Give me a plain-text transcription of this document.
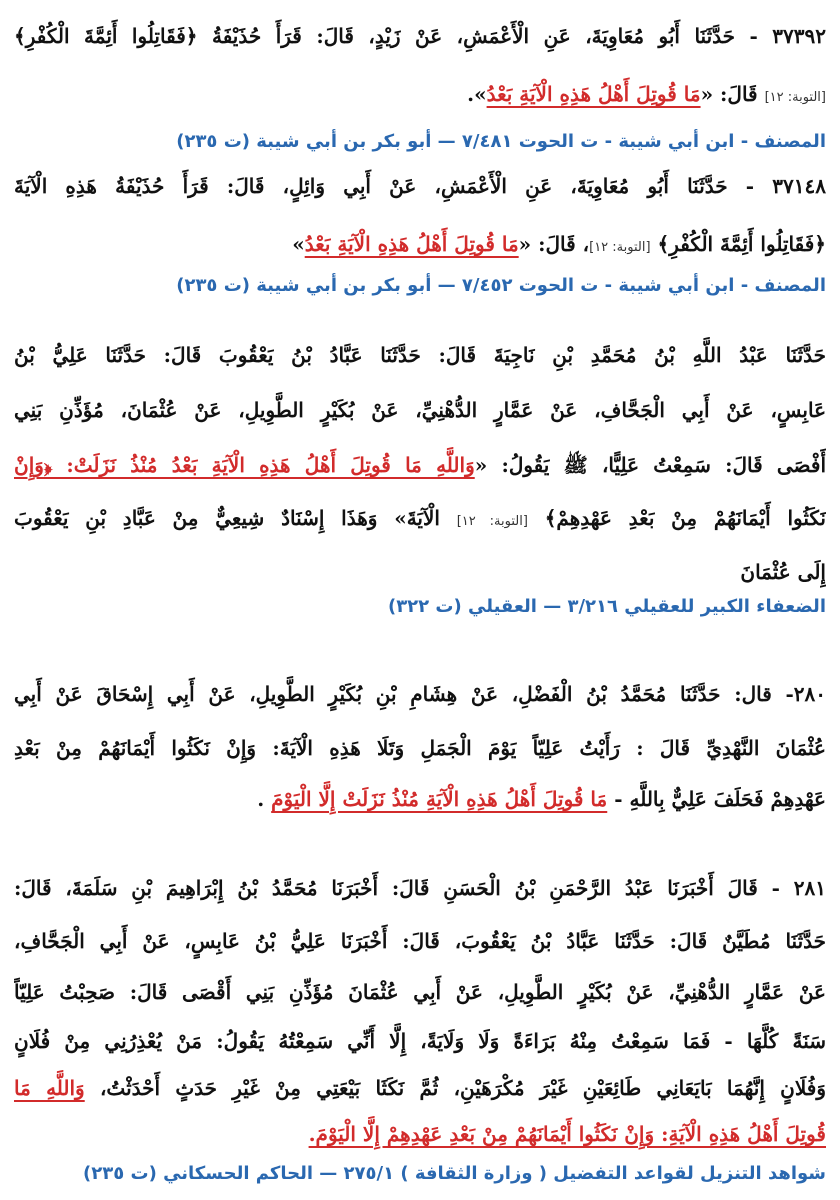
٣٧٣٩٢ - حَدَّثَنَا أَبُو مُعَاوِيَةَ، عَنِ الْأَعْمَشِ، عَنْ زَيْدٍ، قَالَ: قَرَأَ حُذَيْفَةُ ﴿فَقَاتِلُوا أَئِمَّةَ الْكُفْرِ﴾
[التوبة: ١٢] قَالَ: «مَا قُوتِلَ أَهْلُ هَذِهِ الْآيَةِ بَعْدُ».
المصنف - ابن أبي شيبة - ت الحوت ٧/٤٨١ — أبو بكر بن أبي شيبة (ت ٢٣٥)
٣٧١٤٨ - حَدَّثَنَا أَبُو مُعَاوِيَةَ، عَنِ الْأَعْمَشِ، عَنْ أَبِي وَائِلٍ، قَالَ: قَرَأَ حُذَيْفَةُ هَذِهِ الْآيَةَ
﴿فَقَاتِلُوا أَئِمَّةَ الْكُفْرِ﴾ [التوبة: ١٢]، قَالَ: «مَا قُوتِلَ أَهْلُ هَذِهِ الْآيَةِ بَعْدُ»
المصنف - ابن أبي شيبة - ت الحوت ٧/٤٥٢ — أبو بكر بن أبي شيبة (ت ٢٣٥)
حَدَّثَنَا عَبْدُ اللَّهِ بْنُ مُحَمَّدِ بْنِ نَاجِيَةَ قَالَ: حَدَّثَنَا عَبَّادُ بْنُ يَعْقُوبَ قَالَ: حَدَّثَنَا عَلِيُّ بْنُ
عَابِسٍ، عَنْ أَبِي الْجَحَّافِ، عَنْ عَمَّارٍ الدُّهْنِيِّ، عَنْ بُكَيْرٍ الطَّوِيلِ، عَنْ عُثْمَانَ، مُؤَذِّنِ بَنِي
أَفْصَى قَالَ: سَمِعْتُ عَلِيًّا، ﷺ يَقُولُ: «وَاللَّهِ مَا قُوتِلَ أَهْلُ هَذِهِ الْآيَةِ بَعْدُ مُنْذُ نَزَلَتْ: ﴿وَإِنْ
نَكَثُوا أَيْمَانَهُمْ مِنْ بَعْدِ عَهْدِهِمْ﴾ [التوبة: ١٢] الْآيَةَ» وَهَذَا إِسْنَادٌ شِيعِيٌّ مِنْ عَبَّادِ بْنِ يَعْقُوبَ
إِلَى عُثْمَانَ
الضعفاء الكبير للعقيلي ٣/٢١٦ — العقيلي (ت ٣٢٢)
٢٨٠- قال: حَدَّثَنَا مُحَمَّدُ بْنُ الْفَضْلِ، عَنْ هِشَامِ بْنِ بُكَيْرٍ الطَّوِيلِ، عَنْ أَبِي إِسْحَاقَ عَنْ أَبِي
عُثْمَانَ النَّهْدِيِّ قَالَ : رَأَيْتُ عَلِيّاً يَوْمَ الْجَمَلِ وَتَلَا هَذِهِ الْآيَةَ: وَإِنْ نَكَثُوا أَيْمَانَهُمْ مِنْ بَعْدِ
عَهْدِهِمْ فَحَلَفَ عَلِيٌّ بِاللَّهِ - مَا قُوتِلَ أَهْلُ هَذِهِ الْآيَةِ مُنْذُ نَزَلَتْ إِلَّا الْيَوْمَ .
٢٨١ - قَالَ أَخْبَرَنَا عَبْدُ الرَّحْمَنِ بْنُ الْحَسَنِ قَالَ: أَخْبَرَنَا مُحَمَّدُ بْنُ إِبْرَاهِيمَ بْنِ سَلَمَةَ، قَالَ:
حَدَّثَنَا مُطَيَّنٌ قَالَ: حَدَّثَنَا عَبَّادُ بْنُ يَعْقُوبَ، قَالَ: أَخْبَرَنَا عَلِيُّ بْنُ عَابِسٍ، عَنْ أَبِي الْجَحَّافِ،
عَنْ عَمَّارٍ الدُّهْنِيِّ، عَنْ بُكَيْرٍ الطَّوِيلِ، عَنْ أَبِي عُثْمَانَ مُؤَذِّنِ بَنِي أَقْصَى قَالَ: صَحِبْتُ عَلِيّاً
سَنَةً كُلَّهَا - فَمَا سَمِعْتُ مِنْهُ بَرَاءَةً وَلَا وَلَايَةً، إِلَّا أَنِّي سَمِعْتُهُ يَقُولُ: مَنْ يُعْذِرُنِي مِنْ فُلَانٍ
وَفُلَانٍ إِنَّهُمَا بَايَعَانِي طَائِعَيْنِ غَيْرَ مُكْرَهَيْنِ، ثُمَّ نَكَثَا بَيْعَتِي مِنْ غَيْرِ حَدَثٍ أَحْدَثْتُ، وَاللَّهِ مَا
قُوتِلَ أَهْلُ هَذِهِ الْآيَةِ: وَإِنْ نَكَثُوا أَيْمَانَهُمْ مِنْ بَعْدِ عَهْدِهِمْ إِلَّا الْيَوْمَ.
شواهد التنزيل لقواعد التفضيل ( وزارة الثقافة ) ٢٧٥/١ — الحاكم الحسكاني (ت ٢٣٥)
